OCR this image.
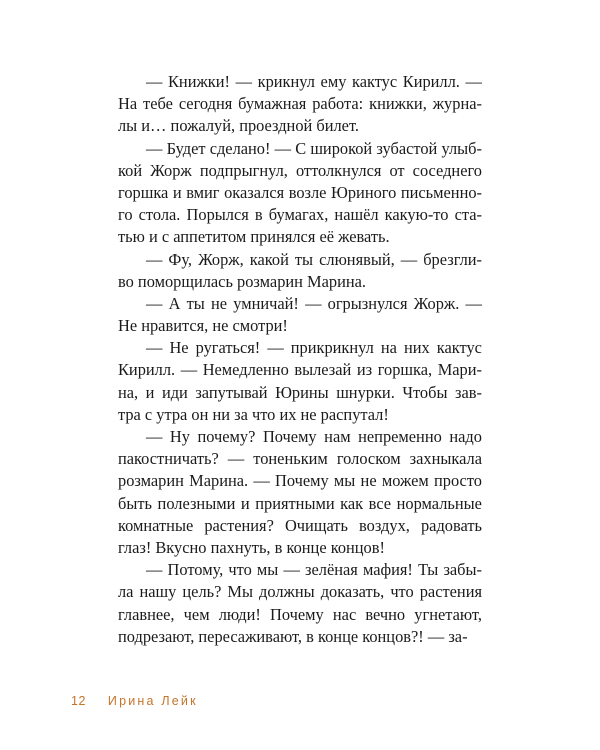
— Книжки! — крикнул ему кактус Кирилл. —
На тебе сегодня бумажная работа: книжки, журна-
лы и… пожалуй, проездной билет.
— Будет сделано! — С широкой зубастой улыб-
кой Жорж подпрыгнул, оттолкнулся от соседнего
горшка и вмиг оказался возле Юриного письменно-
го стола. Порылся в бумагах, нашёл какую-то ста-
тью и с аппетитом принялся её жевать.
— Фу, Жорж, какой ты слюнявый, — брезгли-
во поморщилась розмарин Марина.
— А ты не умничай! — огрызнулся Жорж. —
Не нравится, не смотри!
— Не ругаться! — прикрикнул на них кактус
Кирилл. — Немедленно вылезай из горшка, Мари-
на, и иди запутывай Юрины шнурки. Чтобы зав-
тра с утра он ни за что их не распутал!
— Ну почему? Почему нам непременно надо
пакостничать? — тоненьким голоском захныкала
розмарин Марина. — Почему мы не можем просто
быть полезными и приятными как все нормальные
комнатные растения? Очищать воздух, радовать
глаз! Вкусно пахнуть, в конце концов!
— Потому, что мы — зелёная мафия! Ты забы-
ла нашу цель? Мы должны доказать, что растения
главнее, чем люди! Почему нас вечно угнетают,
подрезают, пересаживают, в конце концов?! — за-
12 Ирина Лейк
